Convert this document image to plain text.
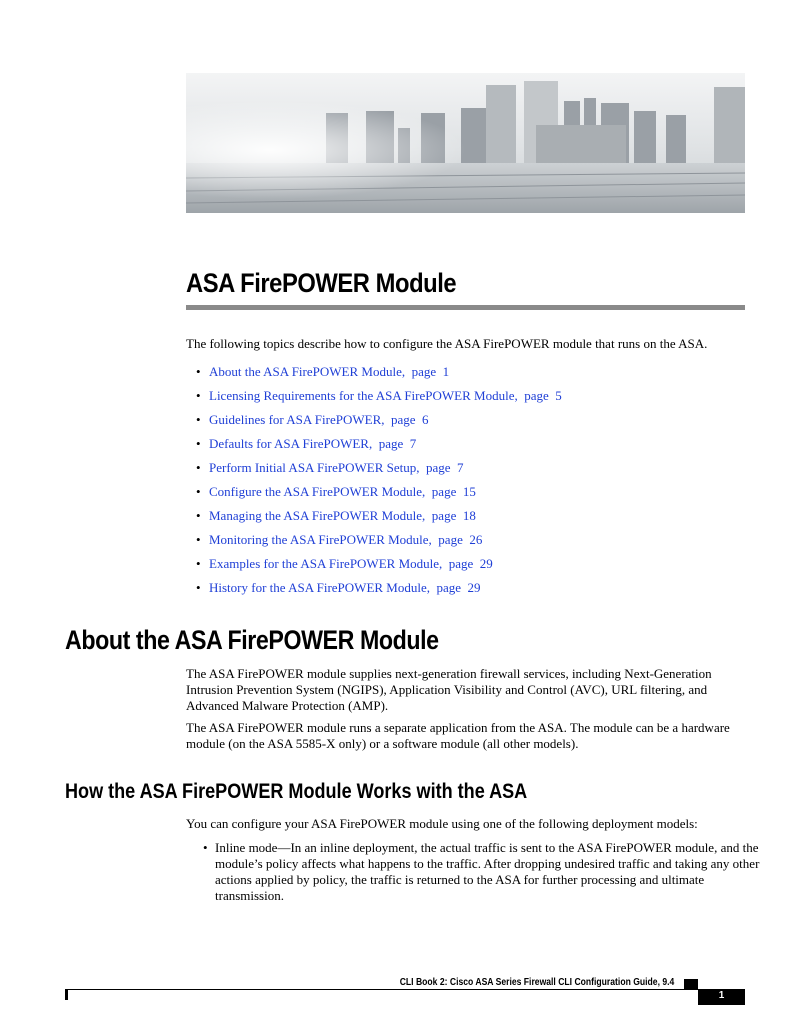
ASA FirePOWER Module

The following topics describe how to configure the ASA FirePOWER module that runs on the ASA.

• About the ASA FirePOWER Module,  page  1
• Licensing Requirements for the ASA FirePOWER Module,  page  5
• Guidelines for ASA FirePOWER,  page  6
• Defaults for ASA FirePOWER,  page  7
• Perform Initial ASA FirePOWER Setup,  page  7
• Configure the ASA FirePOWER Module,  page  15
• Managing the ASA FirePOWER Module,  page  18
• Monitoring the ASA FirePOWER Module,  page  26
• Examples for the ASA FirePOWER Module,  page  29
• History for the ASA FirePOWER Module,  page  29
About the ASA FirePOWER Module

The ASA FirePOWER module supplies next-generation firewall services, including Next-Generation Intrusion Prevention System (NGIPS), Application Visibility and Control (AVC), URL filtering, and Advanced Malware Protection (AMP).

The ASA FirePOWER module runs a separate application from the ASA. The module can be a hardware module (on the ASA 5585-X only) or a software module (all other models).

How the ASA FirePOWER Module Works with the ASA

You can configure your ASA FirePOWER module using one of the following deployment models:

• Inline mode—In an inline deployment, the actual traffic is sent to the ASA FirePOWER module, and the module’s policy affects what happens to the traffic. After dropping undesired traffic and taking any other actions applied by policy, the traffic is returned to the ASA for further processing and ultimate transmission.

CLI Book 2: Cisco ASA Series Firewall CLI Configuration Guide, 9.4
1
